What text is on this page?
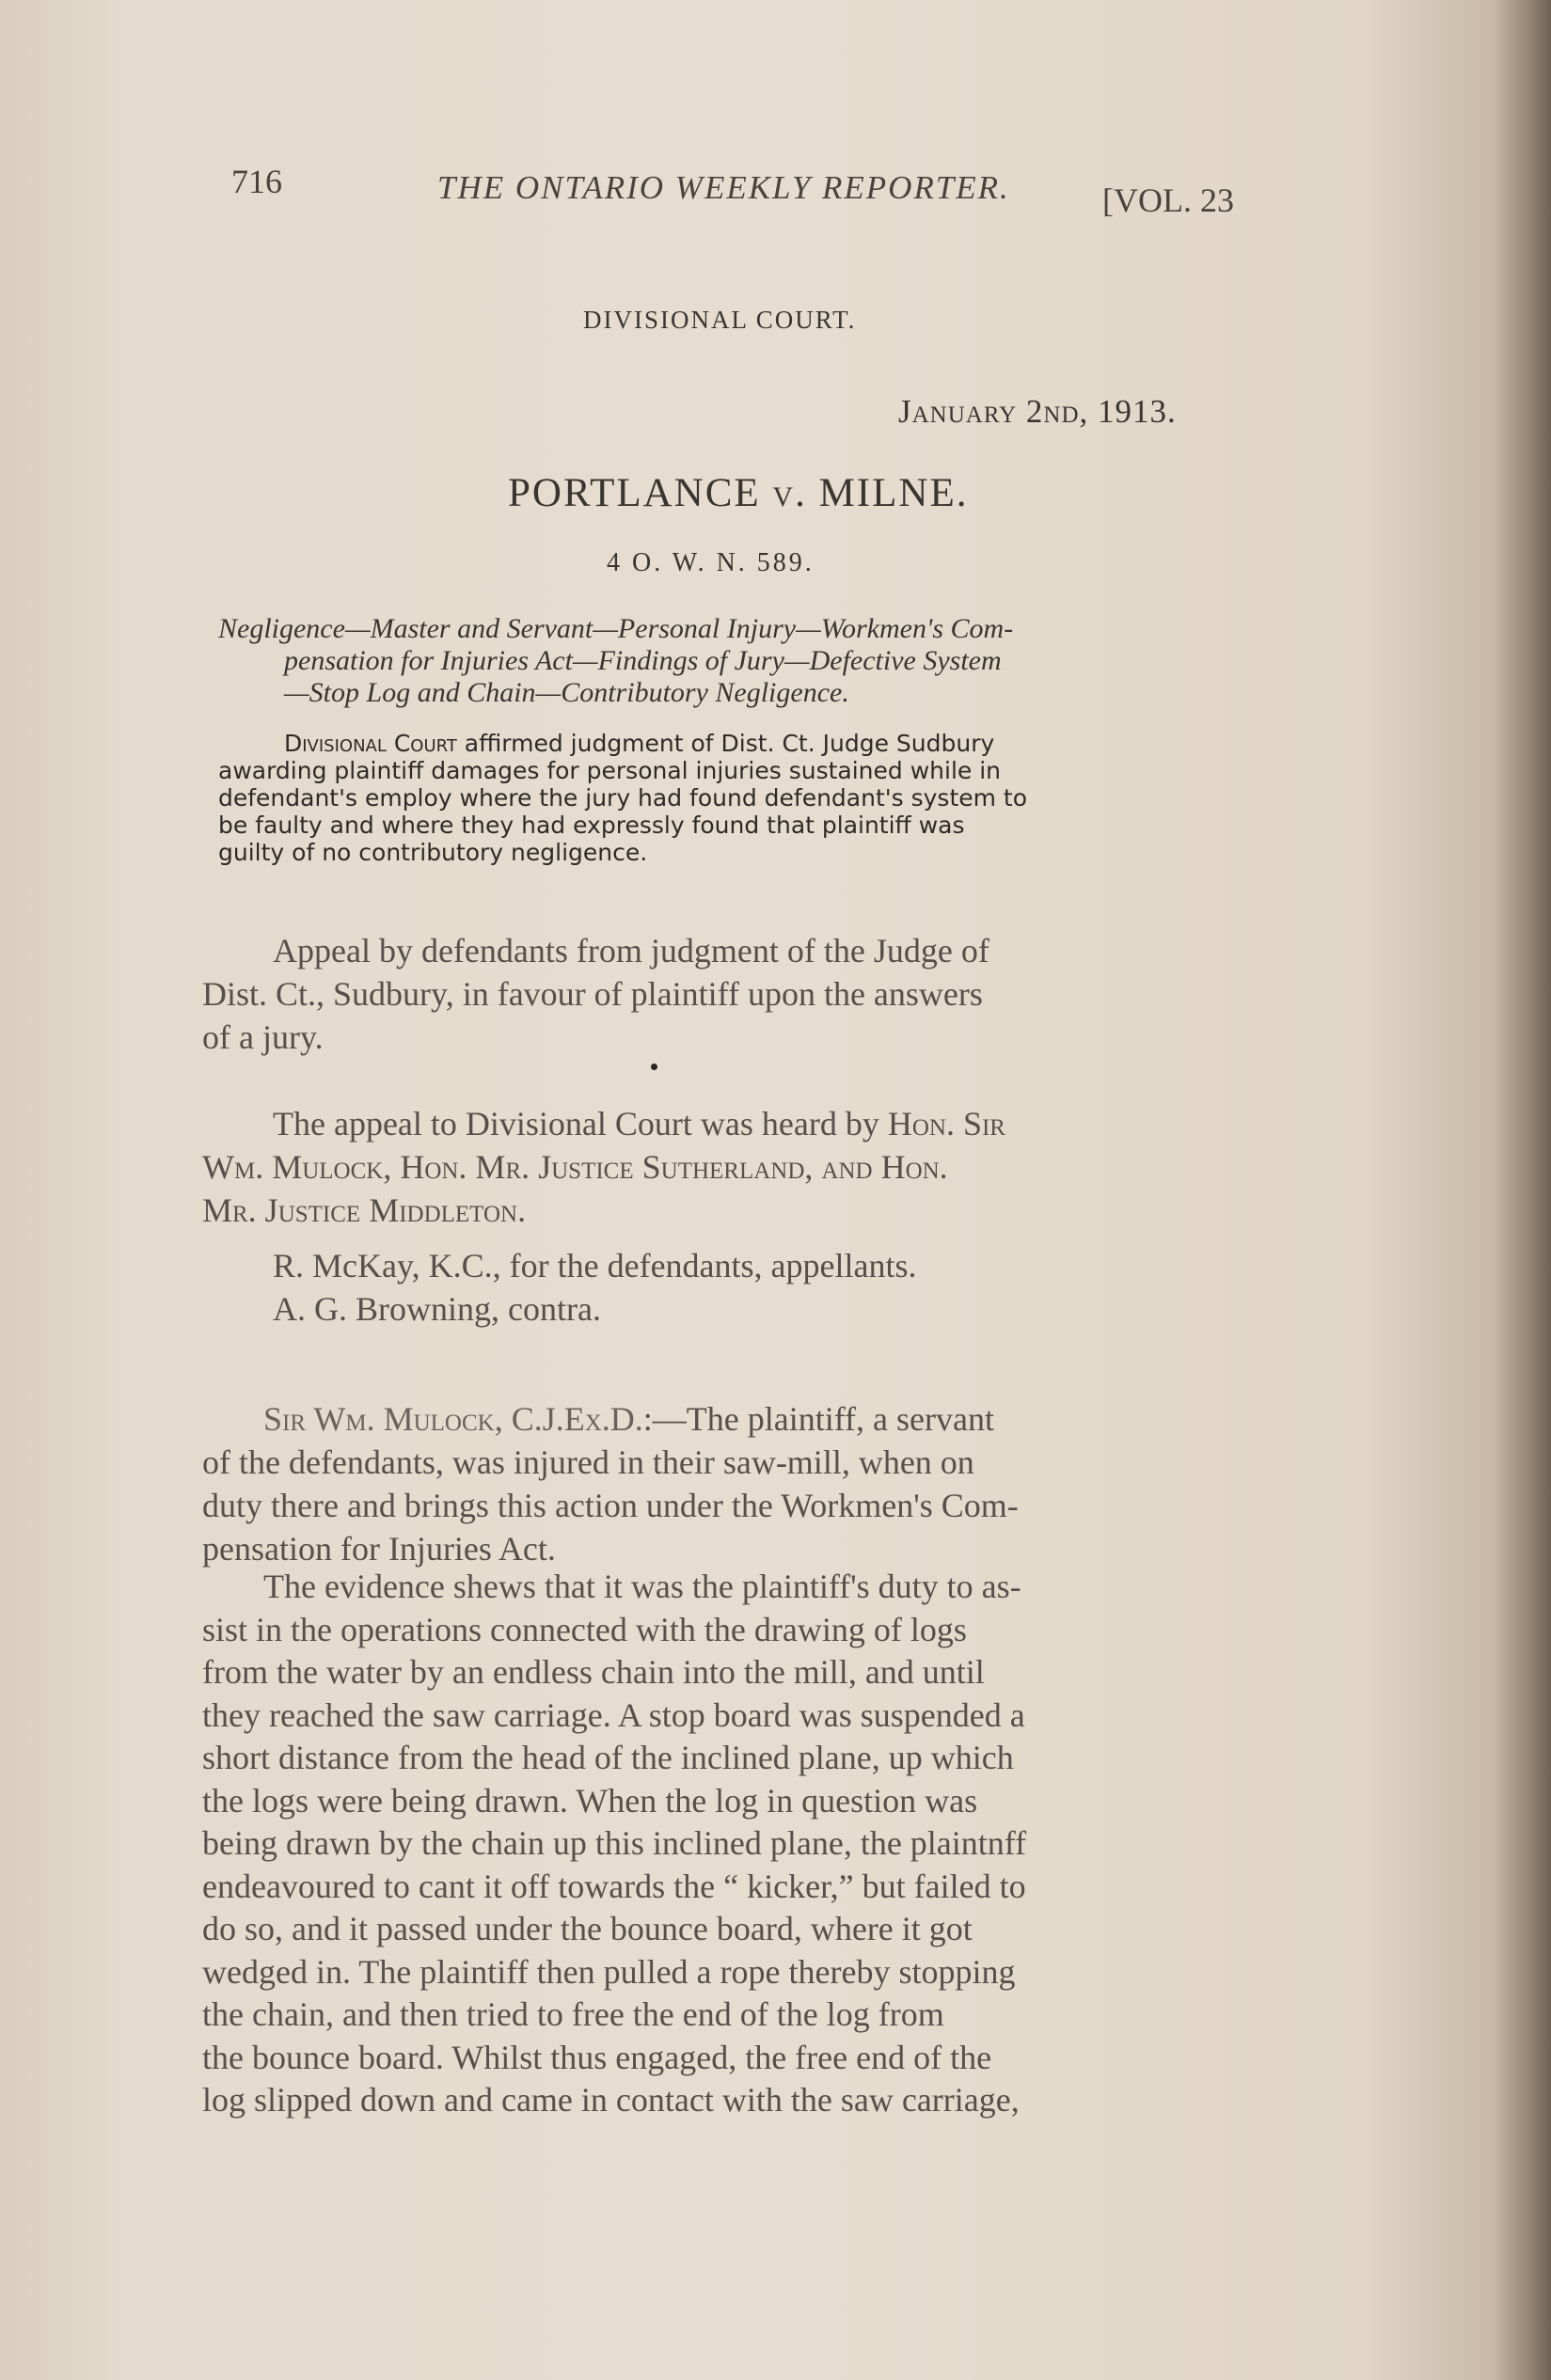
716	THE ONTARIO WEEKLY REPORTER.	[VOL. 23
DIVISIONAL COURT.
January 2nd, 1913.
PORTLANCE v. MILNE.
4 O. W. N. 589.
Negligence—Master and Servant—Personal Injury—Workmen's Com-
pensation for Injuries Act—Findings of Jury—Defective System
—Stop Log and Chain—Contributory Negligence.
Divisional Court affirmed judgment of Dist. Ct. Judge Sudbury
awarding plaintiff damages for personal injuries sustained while in
defendant's employ where the jury had found defendant's system to
be faulty and where they had expressly found that plaintiff was
guilty of no contributory negligence.
Appeal by defendants from judgment of the Judge of
Dist. Ct., Sudbury, in favour of plaintiff upon the answers
of a jury.
The appeal to Divisional Court was heard by Hon. Sir
Wm. Mulock, Hon. Mr. Justice Sutherland, and Hon.
Mr. Justice Middleton.
R. McKay, K.C., for the defendants, appellants.
A. G. Browning, contra.
Sir Wm. Mulock, C.J.Ex.D.:—The plaintiff, a servant
of the defendants, was injured in their saw-mill, when on
duty there and brings this action under the Workmen's Com-
pensation for Injuries Act.
The evidence shews that it was the plaintiff's duty to as-
sist in the operations connected with the drawing of logs
from the water by an endless chain into the mill, and until
they reached the saw carriage. A stop board was suspended a
short distance from the head of the inclined plane, up which
the logs were being drawn. When the log in question was
being drawn by the chain up this inclined plane, the plaintnff
endeavoured to cant it off towards the “ kicker,” but failed to
do so, and it passed under the bounce board, where it got
wedged in. The plaintiff then pulled a rope thereby stopping
the chain, and then tried to free the end of the log from
the bounce board. Whilst thus engaged, the free end of the
log slipped down and came in contact with the saw carriage,
